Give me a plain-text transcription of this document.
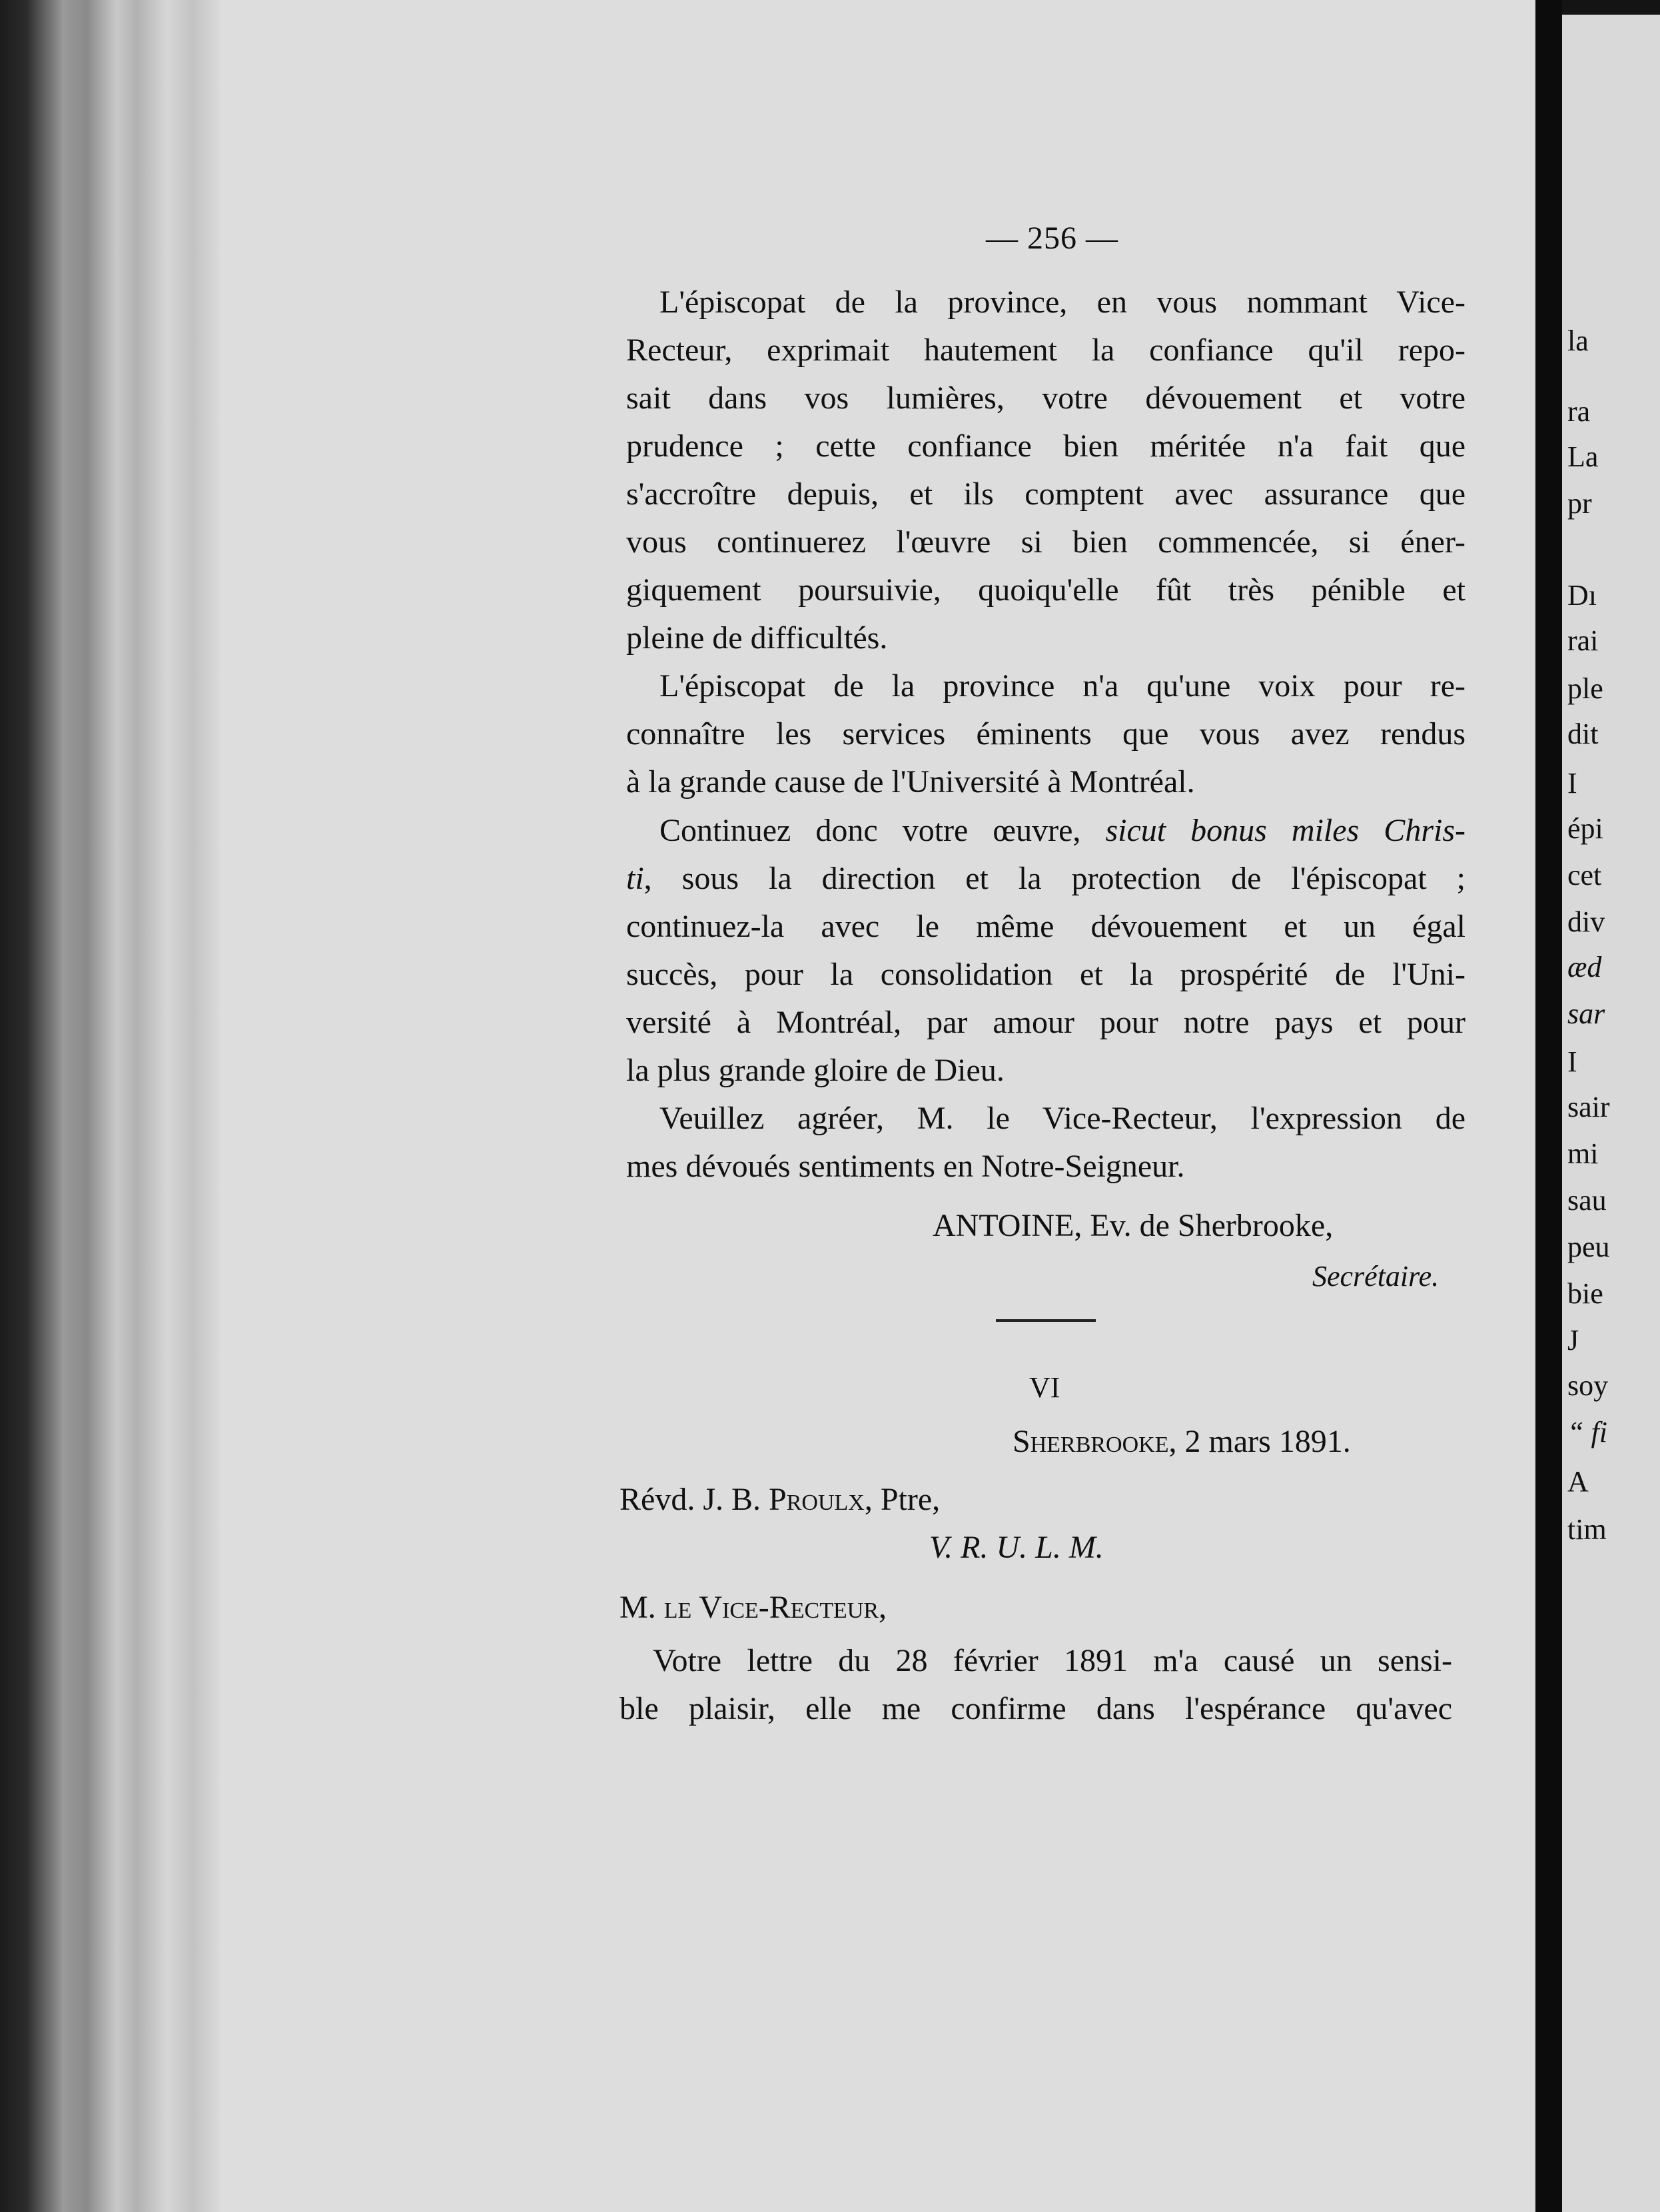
la
ra
La
pr
Dı
rai
ple
dit
I
épi
cet
div
æd
sar
I
sair
mi
sau
peu
bie
J
soy
“ fi
A
tim
— 256 —
L'épiscopat de la province, en vous nommant Vice-
Recteur, exprimait hautement la confiance qu'il repo-
sait dans vos lumières, votre dévouement et votre
prudence ; cette confiance bien méritée n'a fait que
s'accroître depuis, et ils comptent avec assurance que
vous continuerez l'œuvre si bien commencée, si éner-
giquement poursuivie, quoiqu'elle fût très pénible et
pleine de difficultés.
L'épiscopat de la province n'a qu'une voix pour re-
connaître les services éminents que vous avez rendus
à la grande cause de l'Université à Montréal.
Continuez donc votre œuvre, sicut bonus miles Chris-
ti, sous la direction et la protection de l'épiscopat ;
continuez-la avec le même dévouement et un égal
succès, pour la consolidation et la prospérité de l'Uni-
versité à Montréal, par amour pour notre pays et pour
la plus grande gloire de Dieu.
Veuillez agréer, M. le Vice-Recteur, l'expression de
mes dévoués sentiments en Notre-Seigneur.
ANTOINE, Ev. de Sherbrooke,
Secrétaire.
VI
Sherbrooke, 2 mars 1891.
Révd. J. B. Proulx, Ptre,
V. R. U. L. M.
M. le Vice-Recteur,
Votre lettre du 28 février 1891 m'a causé un sensi-
ble plaisir, elle me confirme dans l'espérance qu'avec
